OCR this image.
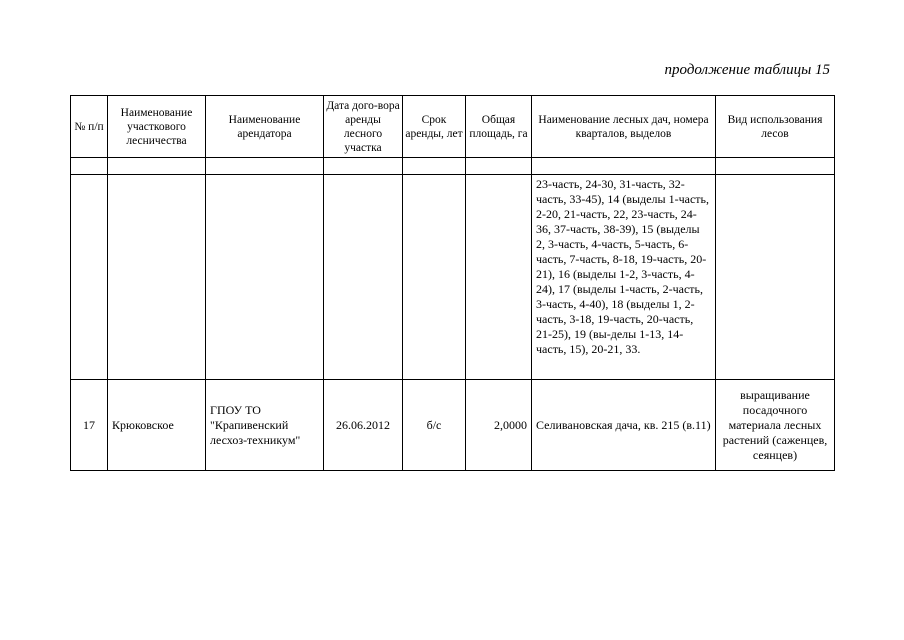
продолжение таблицы 15
№ п/п	Наименование участкового лесничества	Наименование арендатора	Дата дого-вора аренды лесного участка	Срок аренды, лет	Общая площадь, га	Наименование лесных дач, номера кварталов, выделов	Вид использования лесов

						23-часть, 24-30, 31-часть, 32-часть, 33-45), 14 (выделы 1-часть, 2-20, 21-часть, 22, 23-часть, 24-36, 37-часть, 38-39), 15 (выделы 2, 3-часть, 4-часть, 5-часть, 6-часть, 7-часть, 8-18, 19-часть, 20-21), 16 (выделы 1-2, 3-часть, 4-24), 17 (выделы 1-часть, 2-часть, 3-часть, 4-40), 18 (выделы 1, 2-часть, 3-18, 19-часть, 20-часть, 21-25), 19 (вы-делы 1-13, 14-часть, 15), 20-21, 33.	
17	Крюковское	ГПОУ ТО "Крапивенский лесхоз-техникум"	26.06.2012	б/с	2,0000	Селивановская дача, кв. 215 (в.11)	выращивание посадочного материала лесных растений (саженцев, сеянцев)
